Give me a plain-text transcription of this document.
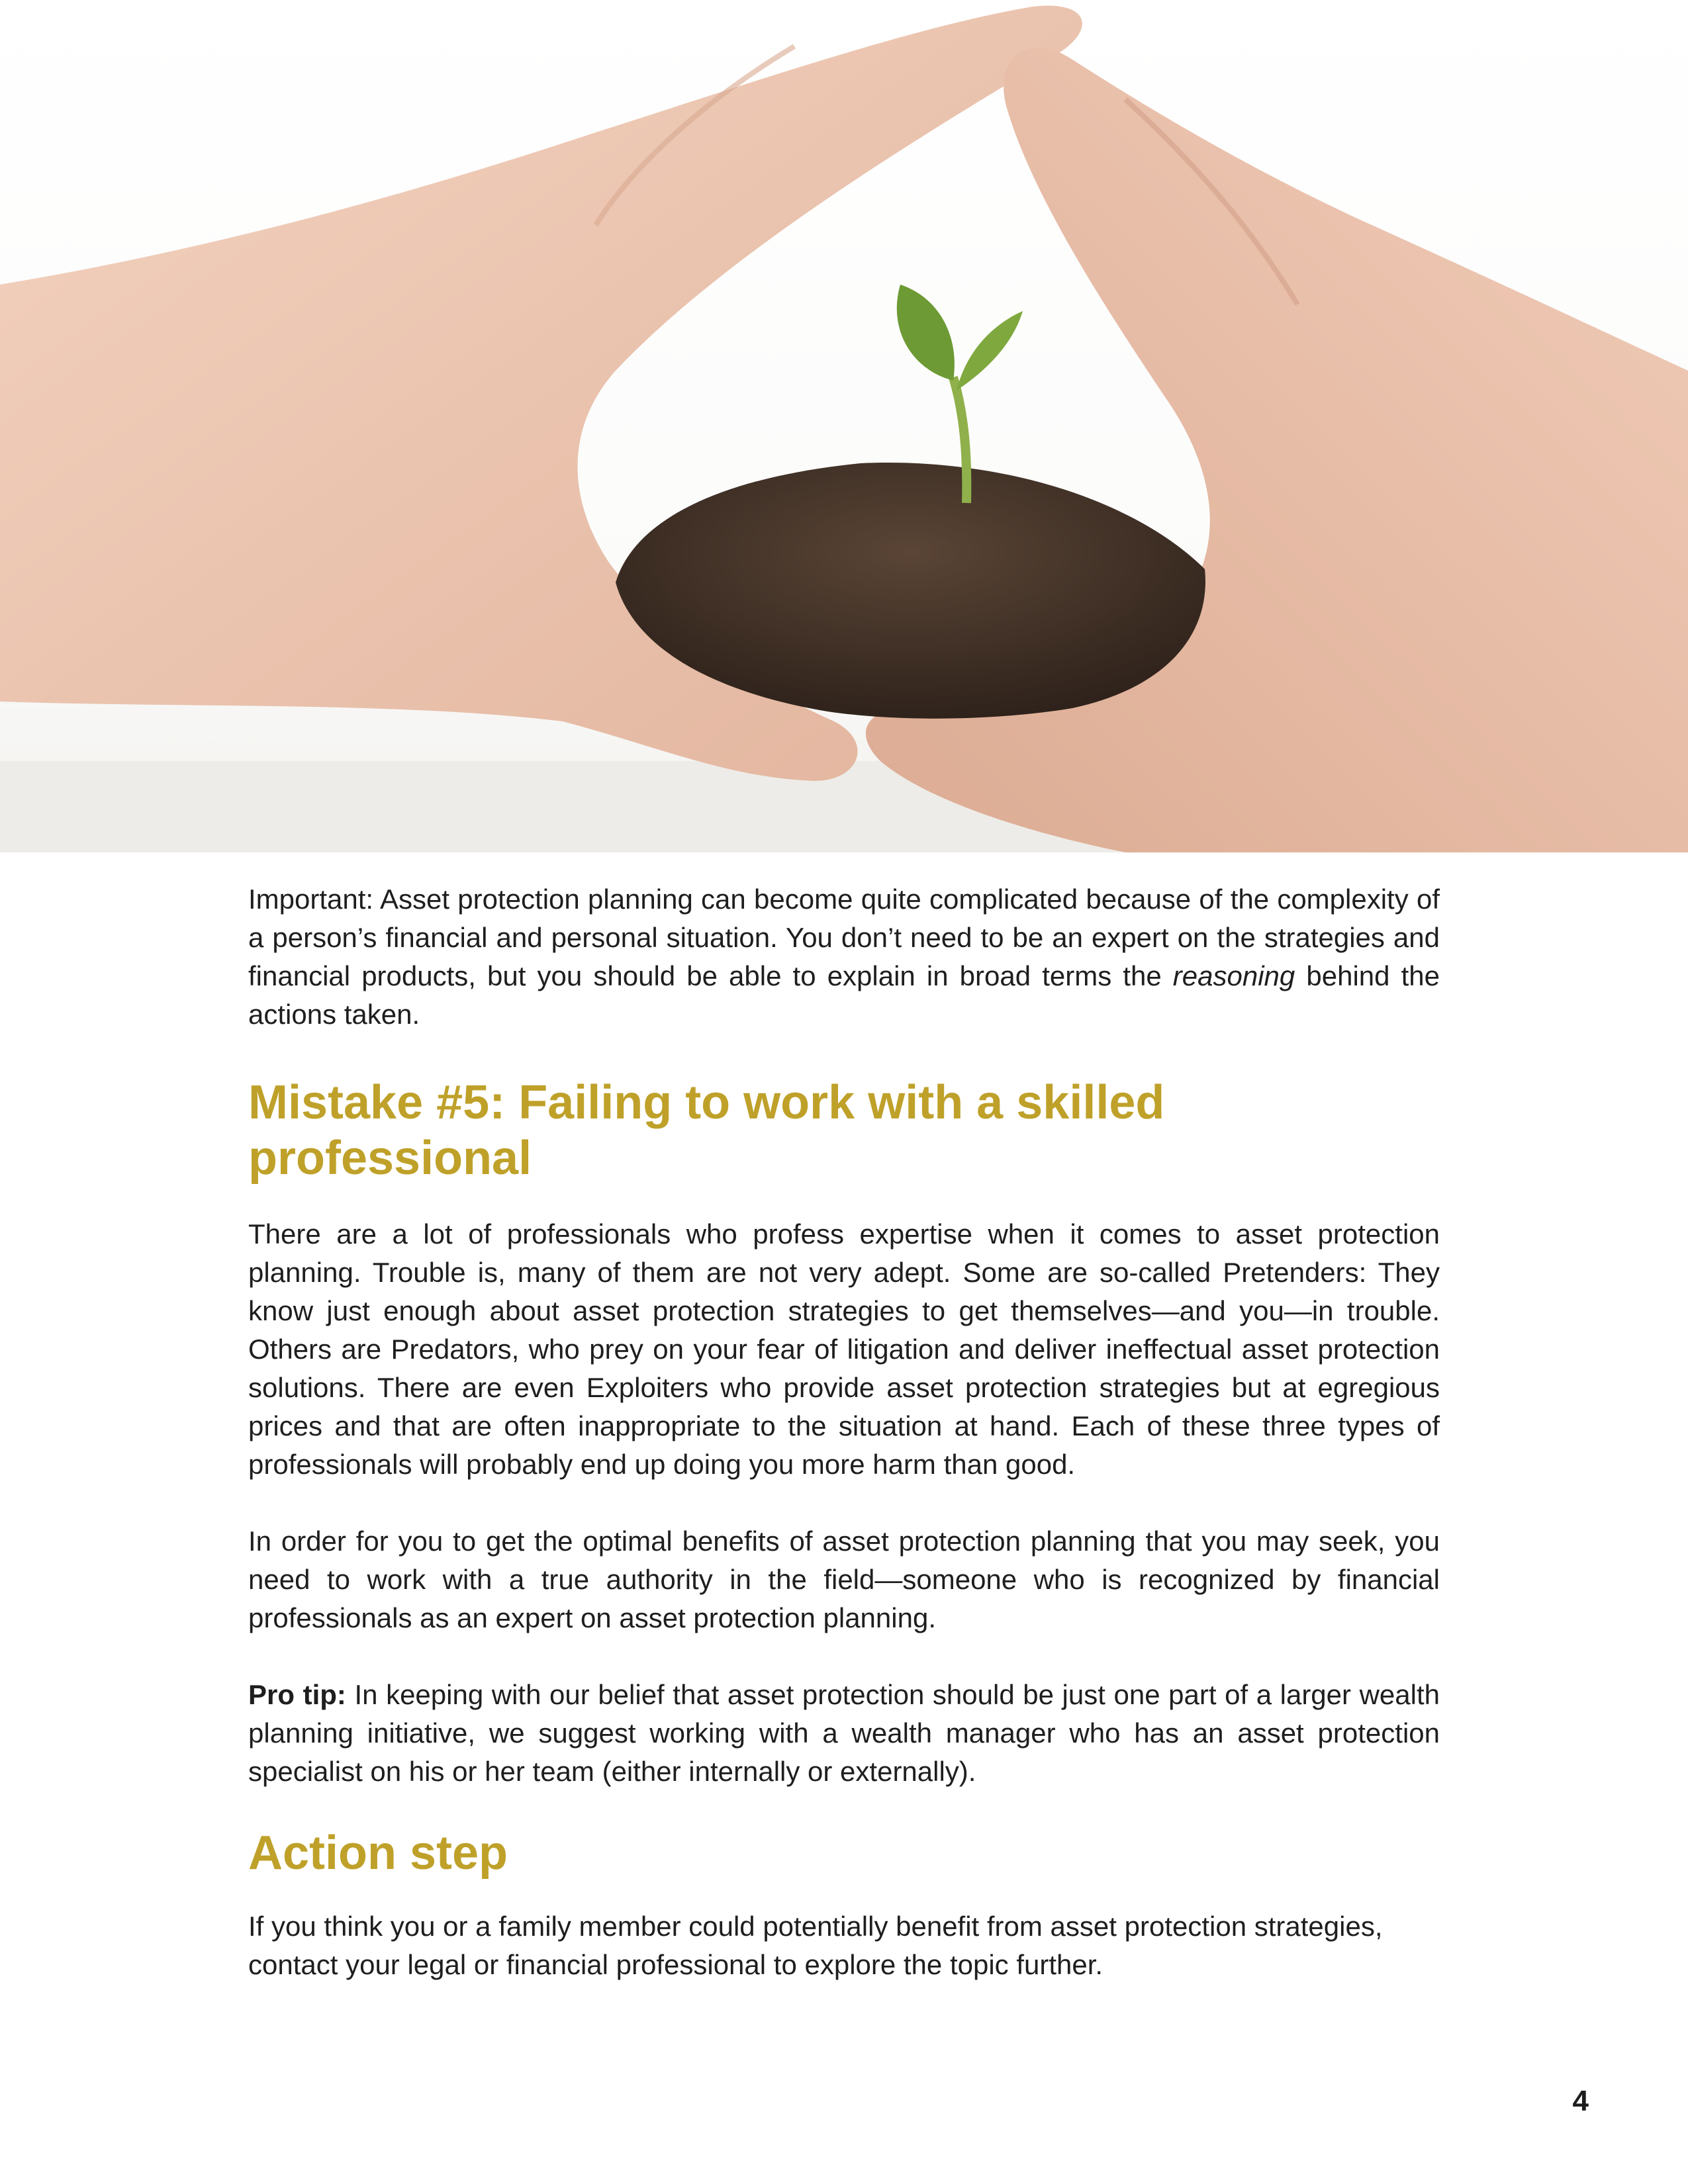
Important: Asset protection planning can become quite complicated because of the complexity of a person’s financial and personal situation. You don’t need to be an expert on the strategies and financial products, but you should be able to explain in broad terms the reasoning behind the actions taken.

Mistake #5: Failing to work with a skilled professional

There are a lot of professionals who profess expertise when it comes to asset protection planning. Trouble is, many of them are not very adept. Some are so-called Pretenders: They know just enough about asset protection strategies to get themselves—and you—in trouble. Others are Predators, who prey on your fear of litigation and deliver ineffectual asset protection solutions. There are even Exploiters who provide asset protection strategies but at egregious prices and that are often inappropriate to the situation at hand. Each of these three types of professionals will probably end up doing you more harm than good.

In order for you to get the optimal benefits of asset protection planning that you may seek, you need to work with a true authority in the field—someone who is recognized by financial professionals as an expert on asset protection planning.

Pro tip: In keeping with our belief that asset protection should be just one part of a larger wealth planning initiative, we suggest working with a wealth manager who has an asset protection specialist on his or her team (either internally or externally).

Action step

If you think you or a family member could potentially benefit from asset protection strategies, contact your legal or financial professional to explore the topic further.

4
